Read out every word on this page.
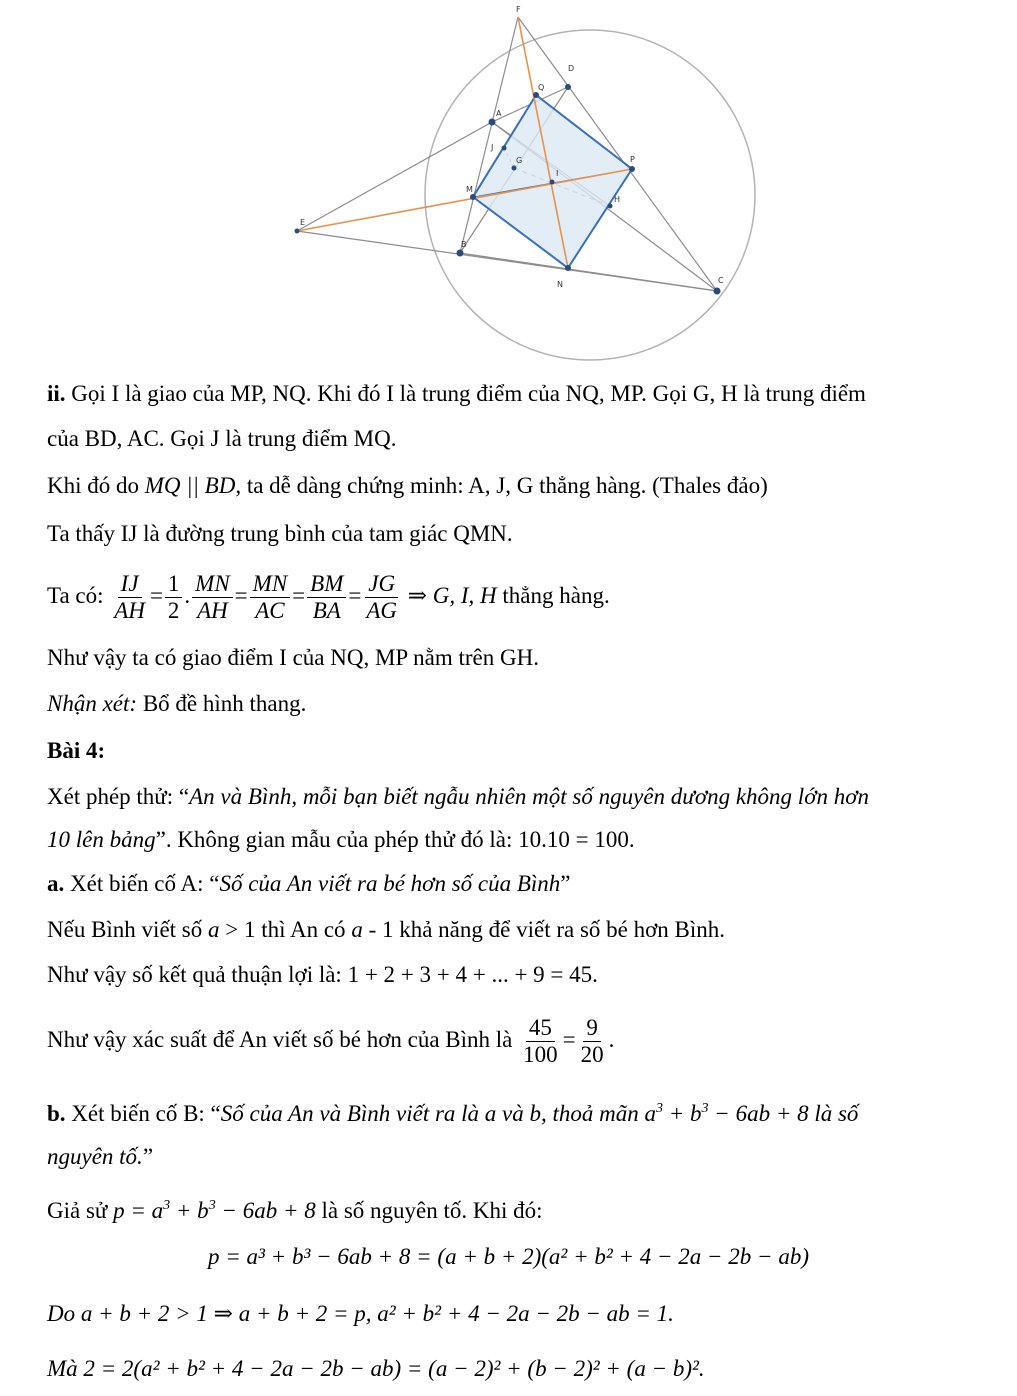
F
D
Q
A
P
J
G
I
M
H
E
B
N	C
ii. Gọi I là giao của MP, NQ. Khi đó I là trung điểm của NQ, MP. Gọi G, H là trung điểm
của BD, AC. Gọi J là trung điểm MQ.
Khi đó do MQ || BD, ta dễ dàng chứng minh: A, J, G thẳng hàng. (Thales đảo)
Ta thấy IJ là đường trung bình của tam giác QMN.
Ta có: $\frac{IJ}{AH} = \frac{1}{2}$ . $\frac{MN}{AH} = \frac{MN}{AC} = \frac{BM}{BA} = \frac{JG}{AG}$ ⇒ G, I, H thẳng hàng.
Như vậy ta có giao điểm I của NQ, MP nằm trên GH.
Nhận xét: Bổ đề hình thang.
Bài 4:
Xét phép thử: “An và Bình, mỗi bạn biết ngẫu nhiên một số nguyên dương không lớn hơn
10 lên bảng”. Không gian mẫu của phép thử đó là: 10.10 = 100.
a. Xét biến cố A: “Số của An viết ra bé hơn số của Bình”
Nếu Bình viết số a > 1 thì An có a - 1 khả năng để viết ra số bé hơn Bình.
Như vậy số kết quả thuận lợi là: 1 + 2 + 3 + 4 + ... + 9 = 45.
Như vậy xác suất để An viết số bé hơn của Bình là $\frac{45}{100} = \frac{9}{20}$ .
b. Xét biến cố B: “Số của An và Bình viết ra là a và b, thoả mãn $a^3 + b^3 - 6ab + 8$ là số
nguyên tố.”
Giả sử $p = a^3 + b^3 - 6ab + 8$ là số nguyên tố. Khi đó:
p = a³ + b³ − 6ab + 8 = (a + b + 2)(a² + b² + 4 − 2a − 2b − ab)
Do a + b + 2 > 1 ⇒ a + b + 2 = p, a² + b² + 4 − 2a − 2b − ab = 1.
Mà 2 = 2(a² + b² + 4 − 2a − 2b − ab) = (a − 2)² + (b − 2)² + (a − b)².
